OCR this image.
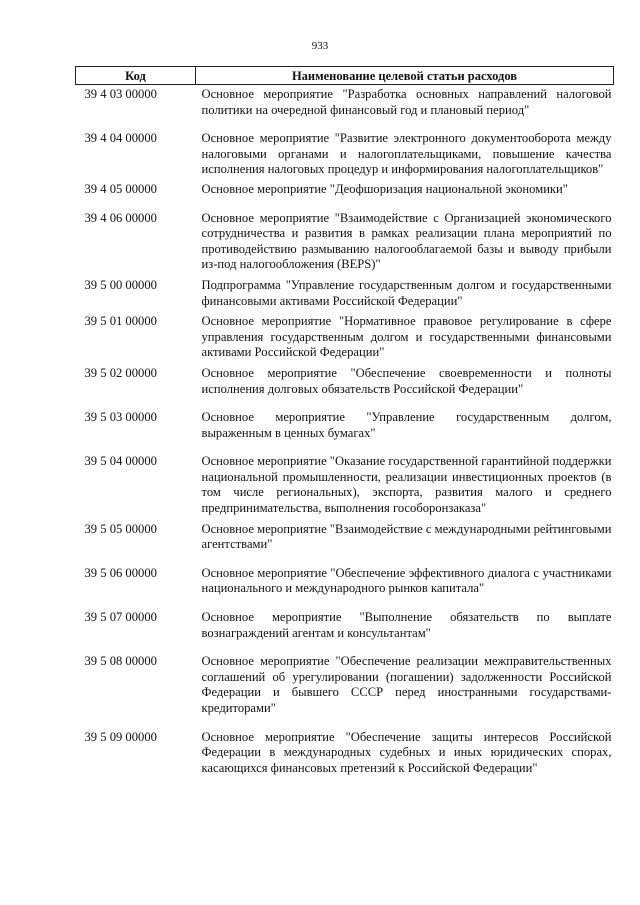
933
Код	Наименование целевой статьи расходов
39 4 03 00000	Основное мероприятие "Разработка основных направлений налоговой политики на очередной финансовый год и плановый период"
39 4 04 00000	Основное мероприятие "Развитие электронного документооборота между налоговыми органами и налогоплательщиками, повышение качества исполнения налоговых процедур и информирования налогоплательщиков"
39 4 05 00000	Основное мероприятие "Деофшоризация национальной экономики"
39 4 06 00000	Основное мероприятие "Взаимодействие с Организацией экономического сотрудничества и развития в рамках реализации плана мероприятий по противодействию размыванию налогооблагаемой базы и выводу прибыли из-под налогообложения (BEPS)"
39 5 00 00000	Подпрограмма "Управление государственным долгом и государственными финансовыми активами Российской Федерации"
39 5 01 00000	Основное мероприятие "Нормативное правовое регулирование в сфере управления государственным долгом и государственными финансовыми активами Российской Федерации"
39 5 02 00000	Основное мероприятие "Обеспечение своевременности и полноты исполнения долговых обязательств Российской Федерации"
39 5 03 00000	Основное мероприятие "Управление государственным долгом, выраженным в ценных бумагах"
39 5 04 00000	Основное мероприятие "Оказание государственной гарантийной поддержки национальной промышленности, реализации инвестиционных проектов (в том числе региональных), экспорта, развития малого и среднего предпринимательства, выполнения гособоронзаказа"
39 5 05 00000	Основное мероприятие "Взаимодействие с международными рейтинговыми агентствами"
39 5 06 00000	Основное мероприятие "Обеспечение эффективного диалога с участниками национального и международного рынков капитала"
39 5 07 00000	Основное мероприятие "Выполнение обязательств по выплате вознаграждений агентам и консультантам"
39 5 08 00000	Основное мероприятие "Обеспечение реализации межправительственных соглашений об урегулировании (погашении) задолженности Российской Федерации и бывшего СССР перед иностранными государствами-кредиторами"
39 5 09 00000	Основное мероприятие "Обеспечение защиты интересов Российской Федерации в международных судебных и иных юридических спорах, касающихся финансовых претензий к Российской Федерации"
